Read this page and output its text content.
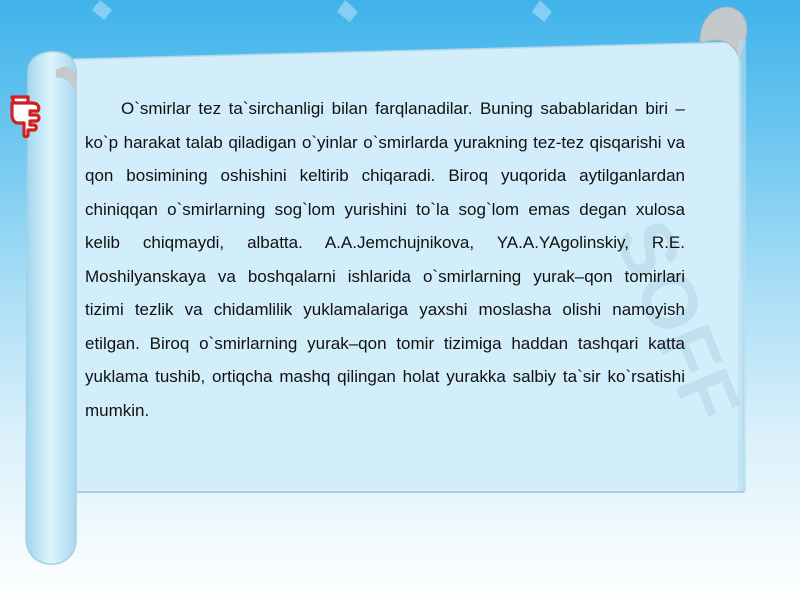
SOFF

O`smirlar tez ta`sirchanligi bilan farqlanadilar. Buning sabablaridan biri – ko`p harakat talab qiladigan o`yinlar o`smirlarda yurakning tez-tez qisqarishi va qon bosimining oshishini keltirib chiqaradi. Biroq yuqorida aytilganlardan chiniqqan o`smirlarning sog`lom yurishini to`la sog`lom emas degan xulosa kelib chiqmaydi, albatta. A.A.Jemchujnikova, YA.A.YAgolinskiy, R.E. Moshilyanskaya va boshqalarni ishlarida o`smirlarning yurak–qon tomirlari tizimi tezlik va chidamlilik yuklamalariga yaxshi moslasha olishi namoyish etilgan. Biroq o`smirlarning yurak–qon tomir tizimiga haddan tashqari katta yuklama tushib, ortiqcha mashq qilingan holat yurakka salbiy ta`sir ko`rsatishi mumkin.
